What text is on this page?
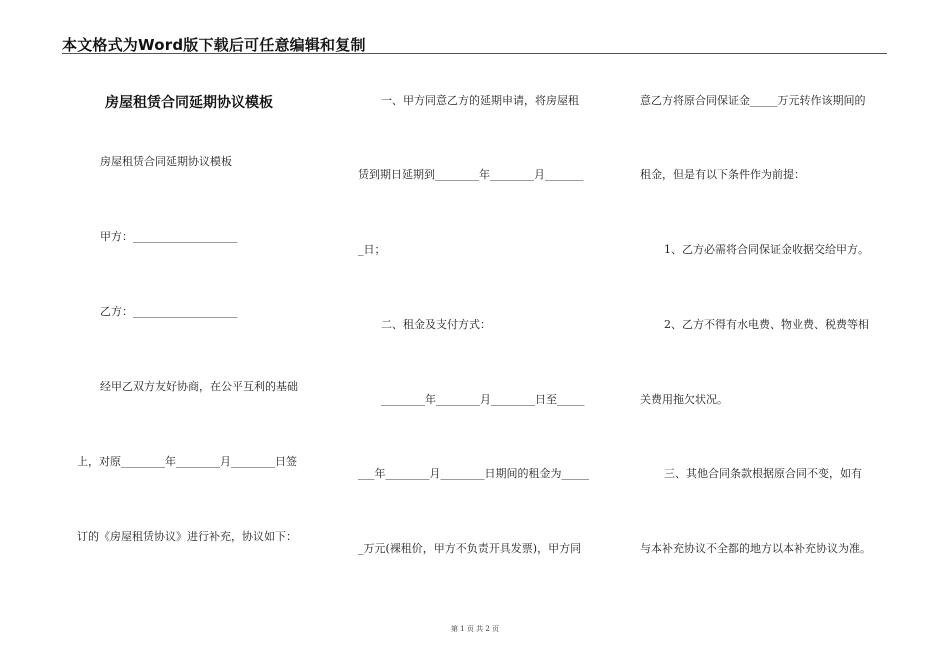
本文格式为Word版下载后可任意编辑和复制
房屋租赁合同延期协议模板
房屋租赁合同延期协议模板
甲方：___________________
乙方：___________________
经甲乙双方友好协商，在公平互利的基础
上，对原________年________月________日签
订的《房屋租赁协议》进行补充，协议如下：
一、甲方同意乙方的延期申请，将房屋租
赁到期日延期到________年________月_______
_日；
二、租金及支付方式：
________年________月________日至_____
___年________月________日期间的租金为_____
_万元(裸租价，甲方不负责开具发票)，甲方同
意乙方将原合同保证金_____万元转作该期间的
租金，但是有以下条件作为前提：
1、乙方必需将合同保证金收据交给甲方。
2、乙方不得有水电费、物业费、税费等相
关费用拖欠状况。
三、其他合同条款根据原合同不变，如有
与本补充协议不全都的地方以本补充协议为准。
第 1 页 共 2 页
